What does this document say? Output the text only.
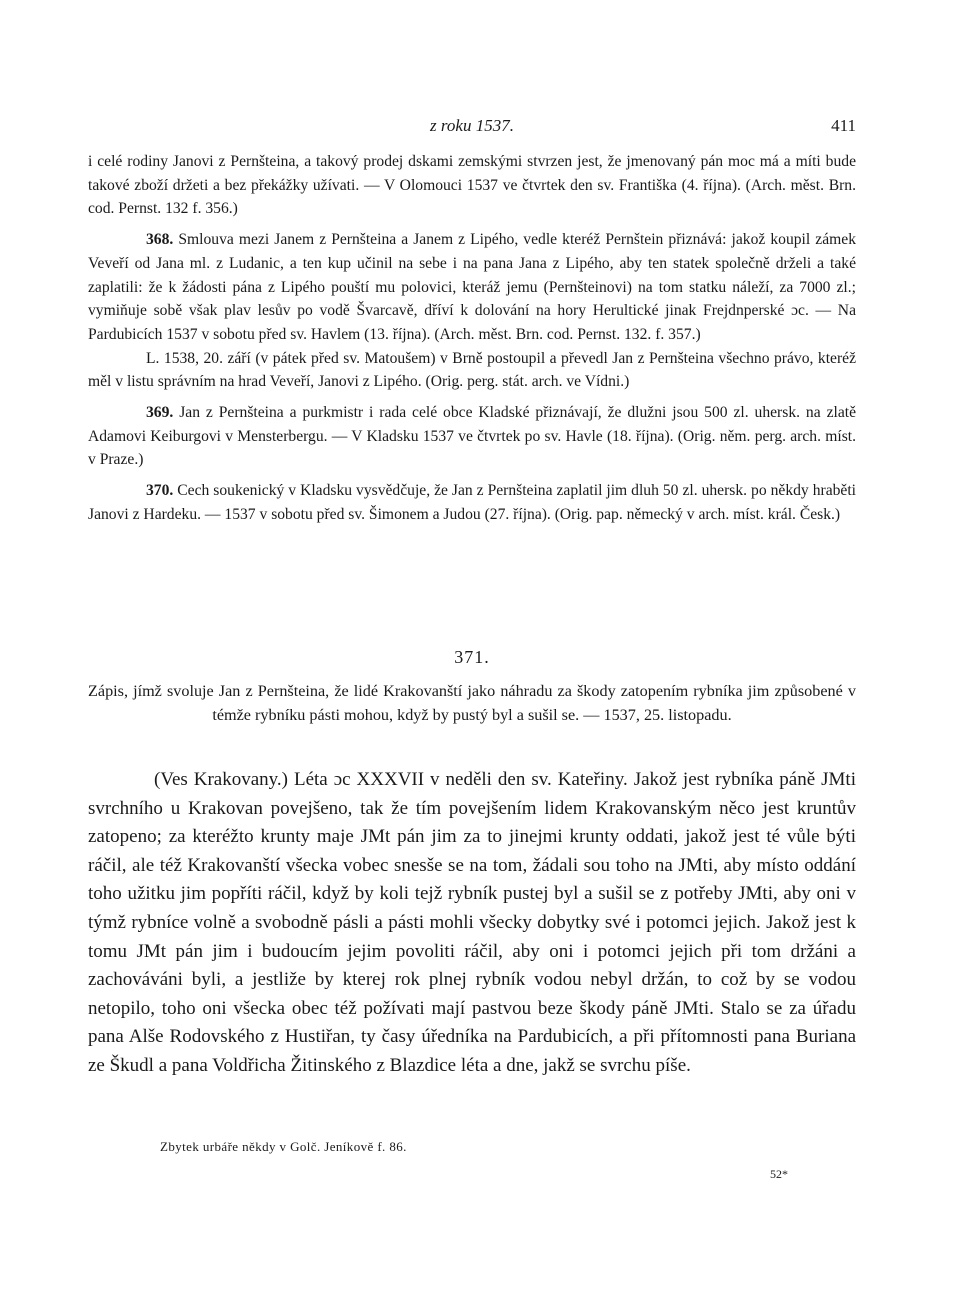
z roku 1537.	411

i celé rodiny Janovi z Pernšteina, a takový prodej dskami zemskými stvrzen jest, že jmenovaný pán moc má a míti bude takové zboží držeti a bez překážky užívati. — V Olomouci 1537 ve čtvrtek den sv. Františka (4. října). (Arch. měst. Brn. cod. Pernst. 132 f. 356.)

368. Smlouva mezi Janem z Pernšteina a Janem z Lipého, vedle kteréž Pernštein přiznává: jakož koupil zámek Veveří od Jana ml. z Ludanic, a ten kup učinil na sebe i na pana Jana z Lipého, aby ten statek společně drželi a také zaplatili: že k žádosti pána z Lipého pouští mu polovici, kteráž jemu (Pernšteinovi) na tom statku náleží, za 7000 zl.; vymiňuje sobě však plav lesův po vodě Švarcavě, dříví k dolování na hory Herultické jinak Frejdnperské ɔc. — Na Pardubicích 1537 v sobotu před sv. Havlem (13. října). (Arch. měst. Brn. cod. Pernst. 132. f. 357.)

L. 1538, 20. září (v pátek před sv. Matoušem) v Brně postoupil a převedl Jan z Pernšteina všechno právo, kteréž měl v listu správním na hrad Veveří, Janovi z Lipého. (Orig. perg. stát. arch. ve Vídni.)

369. Jan z Pernšteina a purkmistr i rada celé obce Kladské přiznávají, že dlužni jsou 500 zl. uhersk. na zlatě Adamovi Keiburgovi v Mensterbergu. — V Kladsku 1537 ve čtvrtek po sv. Havle (18. října). (Orig. něm. perg. arch. míst. v Praze.)

370. Cech soukenický v Kladsku vysvědčuje, že Jan z Pernšteina zaplatil jim dluh 50 zl. uhersk. po někdy hraběti Janovi z Hardeku. — 1537 v sobotu před sv. Šimonem a Judou (27. října). (Orig. pap. německý v arch. míst. král. Česk.)

371.

Zápis, jímž svoluje Jan z Pernšteina, že lidé Krakovanští jako náhradu za škody zatopením rybníka jim způsobené v témže rybníku pásti mohou, když by pustý byl a sušil se. — 1537, 25. listopadu.

(Ves Krakovany.) Léta ɔc XXXVII v neděli den sv. Kateřiny. Jakož jest rybníka páně JMti svrchního u Krakovan povejšeno, tak že tím povejšením lidem Krakovanským něco jest kruntův zatopeno; za kteréžto krunty maje JMt pán jim za to jinejmi krunty oddati, jakož jest té vůle býti ráčil, ale též Krakovanští všecka vobec snesše se na tom, žádali sou toho na JMti, aby místo oddání toho užitku jim popříti ráčil, když by koli tejž rybník pustej byl a sušil se z potřeby JMti, aby oni v týmž rybníce volně a svobodně pásli a pásti mohli všecky dobytky své i potomci jejich. Jakož jest k tomu JMt pán jim i budoucím jejim povoliti ráčil, aby oni i potomci jejich při tom držáni a zachováváni byli, a jestliže by kterej rok plnej rybník vodou nebyl držán, to což by se vodou netopilo, toho oni všecka obec též požívati mají pastvou beze škody páně JMti. Stalo se za úřadu pana Alše Rodovského z Hustiřan, ty časy úředníka na Pardubicích, a při přítomnosti pana Buriana ze Škudl a pana Voldřicha Žitinského z Blazdice léta a dne, jakž se svrchu píše.

Zbytek urbáře někdy v Golč. Jeníkově f. 86.
52*
